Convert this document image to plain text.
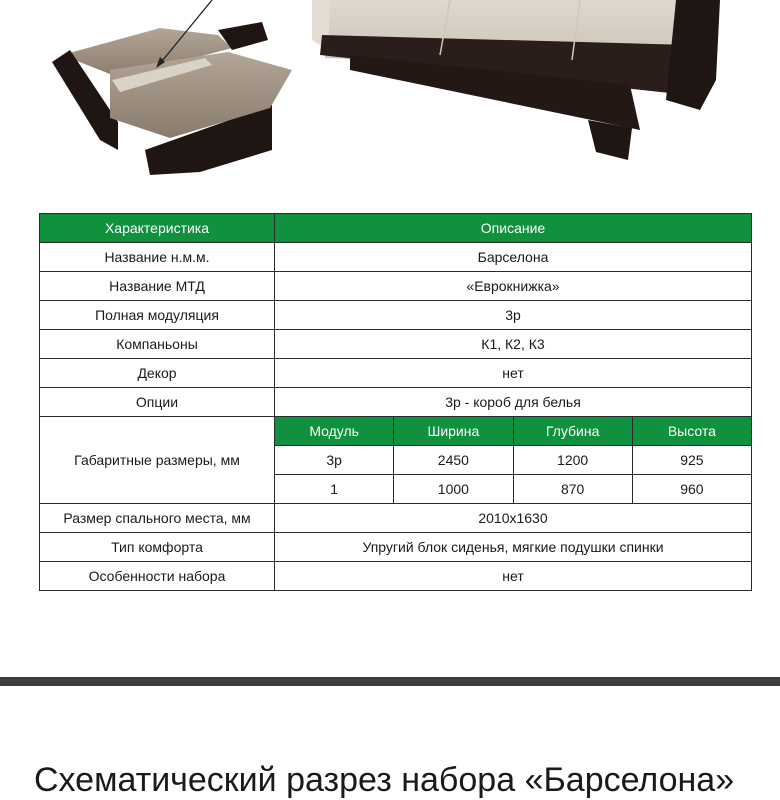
Характеристика	Описание			
Название н.м.м.	Барселона			
Название МТД	«Еврокнижка»			
Полная модуляция	3р			
Компаньоны	К1, К2, К3			
Декор	нет			
Опции	3р - короб для белья			
Габаритные размеры, мм	Модуль	Ширина	Глубина	Высота
	3р	2450	1200	925
	1	1000	870	960
Размер спального места, мм	2010х1630			
Тип комфорта	Упругий блок сиденья, мягкие подушки спинки			
Особенности набора	нет			
Схематический разрез набора «Барселона»
